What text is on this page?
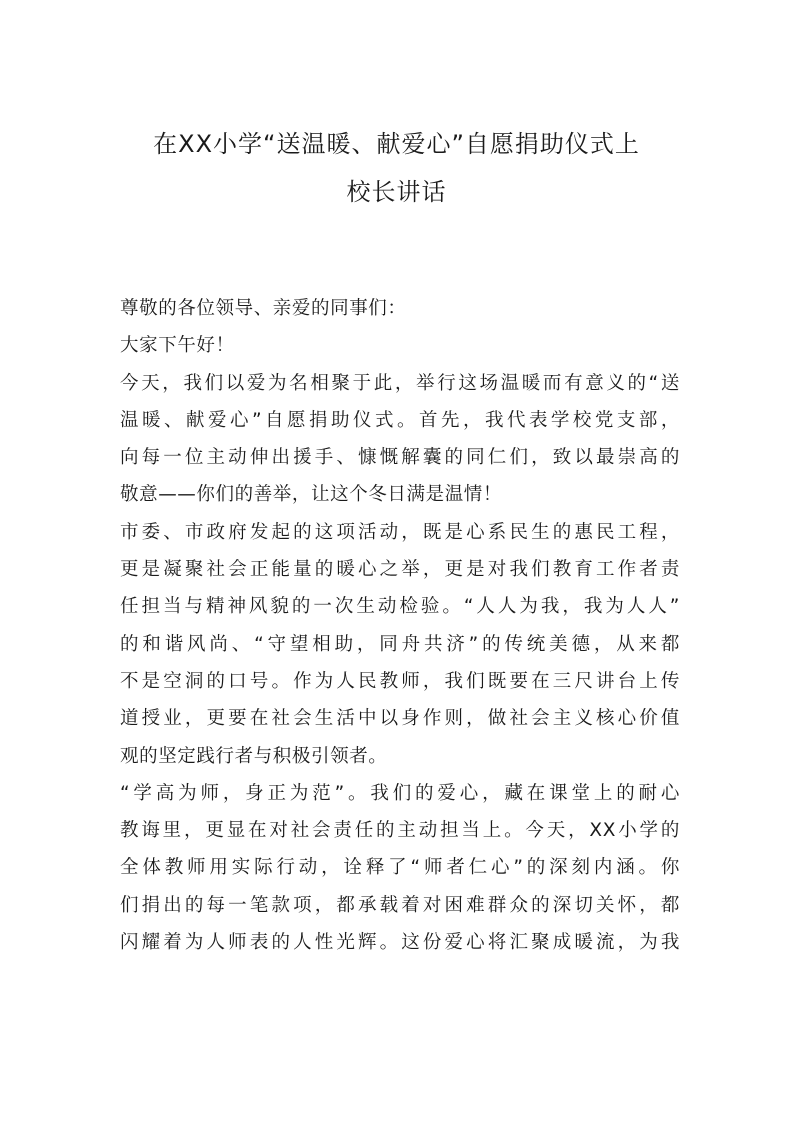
在XX小学“送温暖、献爱心”自愿捐助仪式上
校长讲话
尊敬的各位领导、亲爱的同事们：
大家下午好！
今天，我们以爱为名相聚于此，举行这场温暖而有意义的“送
温暖、献爱心”自愿捐助仪式。首先，我代表学校党支部，
向每一位主动伸出援手、慷慨解囊的同仁们，致以最崇高的
敬意——你们的善举，让这个冬日满是温情！
市委、市政府发起的这项活动，既是心系民生的惠民工程，
更是凝聚社会正能量的暖心之举，更是对我们教育工作者责
任担当与精神风貌的一次生动检验。“人人为我，我为人人”
的和谐风尚、“守望相助，同舟共济”的传统美德，从来都
不是空洞的口号。作为人民教师，我们既要在三尺讲台上传
道授业，更要在社会生活中以身作则，做社会主义核心价值
观的坚定践行者与积极引领者。
“学高为师，身正为范”。我们的爱心，藏在课堂上的耐心
教诲里，更显在对社会责任的主动担当上。今天，XX小学的
全体教师用实际行动，诠释了“师者仁心”的深刻内涵。你
们捐出的每一笔款项，都承载着对困难群众的深切关怀，都
闪耀着为人师表的人性光辉。这份爱心将汇聚成暖流，为我
